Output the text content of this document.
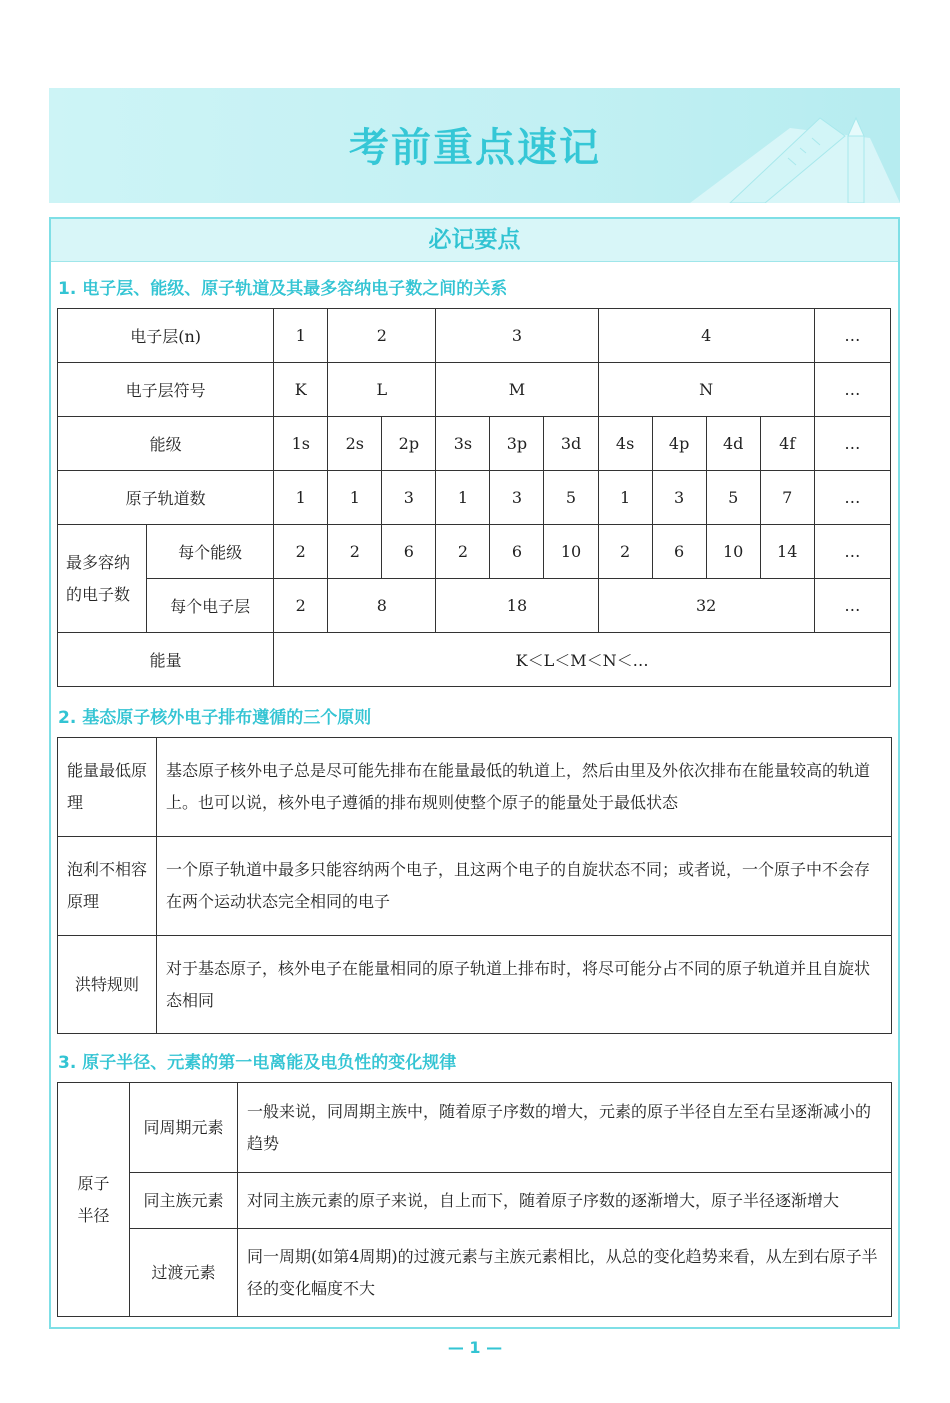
考前重点速记
必记要点
1. 电子层、能级、原子轨道及其最多容纳电子数之间的关系
电子层(n)		1	2		3			4				…
电子层符号		K	L		M			N				…
能级		1s	2s	2p	3s	3p	3d	4s	4p	4d	4f	…
原子轨道数		1	1	3	1	3	5	1	3	5	7	…
最多容纳的电子数	每个能级	2	2	6	2	6	10	2	6	10	14	…
	每个电子层	2	8		18			32				…
能量		K＜L＜M＜N＜…										
2. 基态原子核外电子排布遵循的三个原则
能量最低原理	基态原子核外电子总是尽可能先排布在能量最低的轨道上，然后由里及外依次排布在能量较高的轨道上。也可以说，核外电子遵循的排布规则使整个原子的能量处于最低状态
泡利不相容原理	一个原子轨道中最多只能容纳两个电子，且这两个电子的自旋状态不同；或者说，一个原子中不会存在两个运动状态完全相同的电子
洪特规则	对于基态原子，核外电子在能量相同的原子轨道上排布时，将尽可能分占不同的原子轨道并且自旋状态相同
3. 原子半径、元素的第一电离能及电负性的变化规律
原子半径	同周期元素	一般来说，同周期主族中，随着原子序数的增大，元素的原子半径自左至右呈逐渐减小的趋势
	同主族元素	对同主族元素的原子来说，自上而下，随着原子序数的逐渐增大，原子半径逐渐增大
	过渡元素	同一周期(如第4周期)的过渡元素与主族元素相比，从总的变化趋势来看，从左到右原子半径的变化幅度不大
— 1 —
